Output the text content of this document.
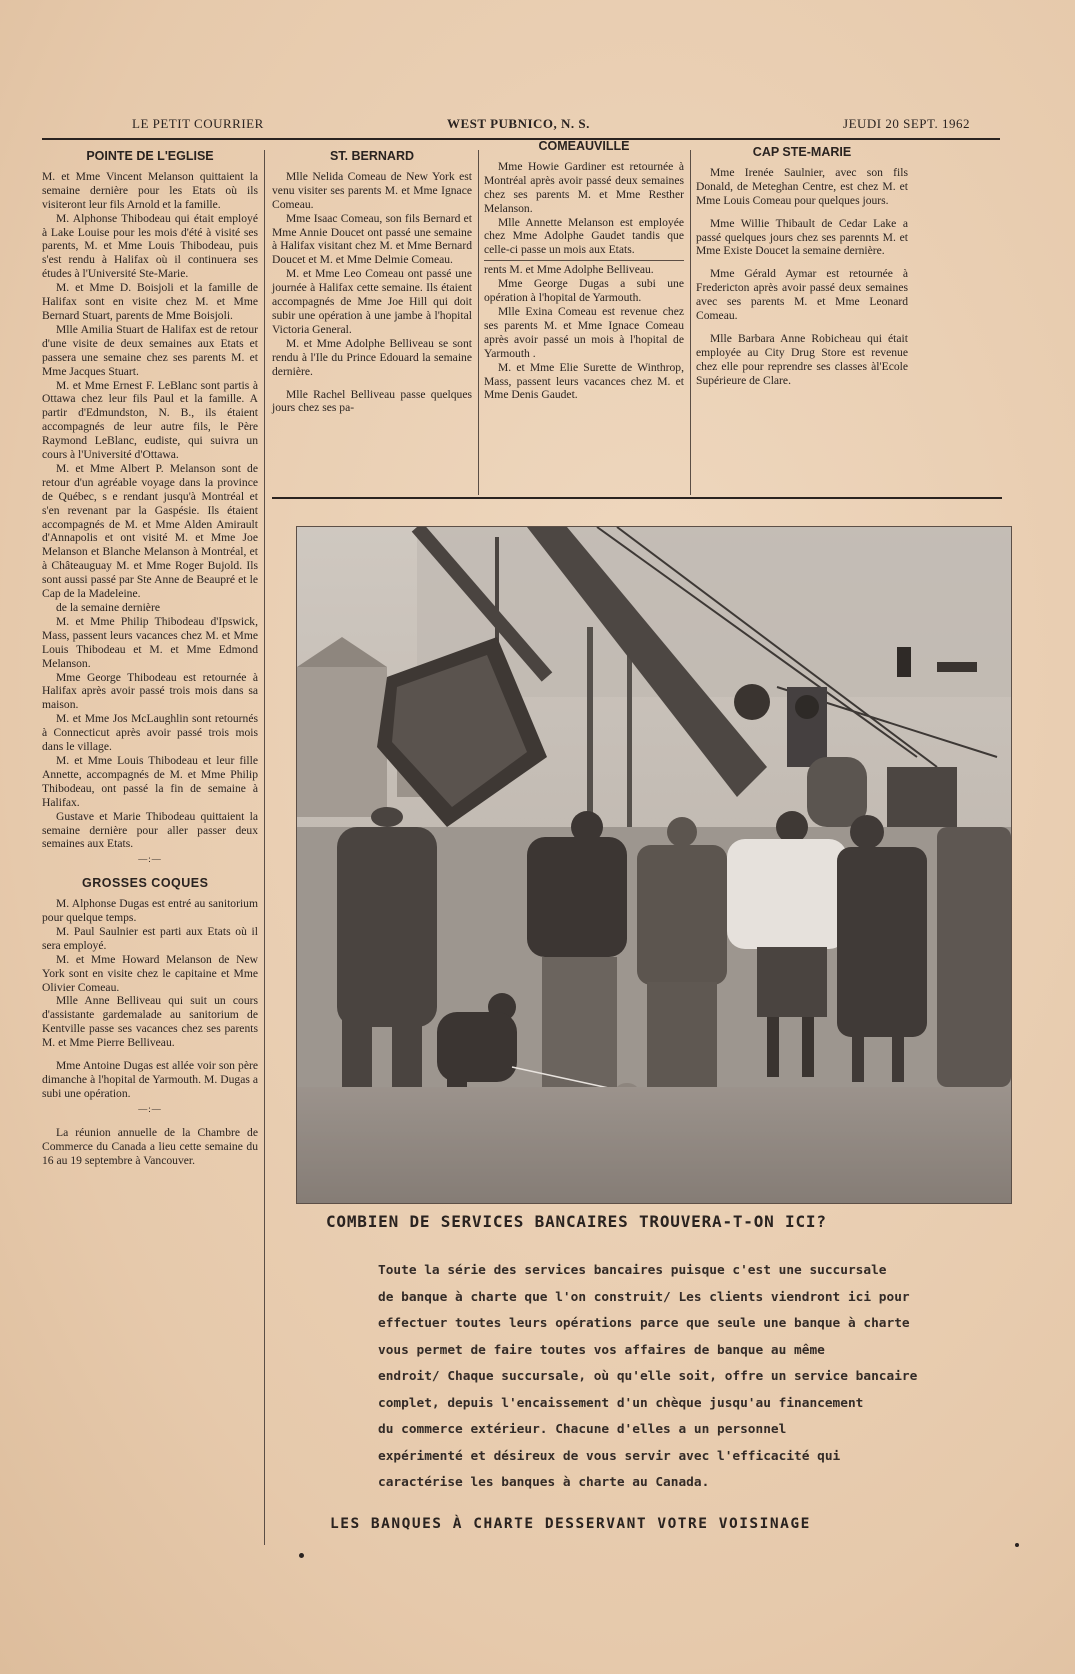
LE PETIT COURRIER	WEST PUBNICO, N. S.	JEUDI 20 SEPT. 1962
POINTE DE L'EGLISE

M. et Mme Vincent Melanson quittaient la semaine dernière pour les Etats où ils visiteront leur fils Arnold et la famille.

M. Alphonse Thibodeau qui était employé à Lake Louise pour les mois d'été à visité ses parents, M. et Mme Louis Thibodeau, puis s'est rendu à Halifax où il continuera ses études à l'Université Ste-Marie.

M. et Mme D. Boisjoli et la famille de Halifax sont en visite chez M. et Mme Bernard Stuart, parents de Mme Boisjoli.

Mlle Amilia Stuart de Halifax est de retour d'une visite de deux semaines aux Etats et passera une semaine chez ses parents M. et Mme Jacques Stuart.

M. et Mme Ernest F. LeBlanc sont partis à Ottawa chez leur fils Paul et la famille. A partir d'Edmundston, N. B., ils étaient accompagnés de leur autre fils, le Père Raymond LeBlanc, eudiste, qui suivra un cours à l'Université d'Ottawa.

M. et Mme Albert P. Melanson sont de retour d'un agréable voyage dans la province de Québec, s e rendant jusqu'à Montréal et s'en revenant par la Gaspésie. Ils étaient accompagnés de M. et Mme Alden Amirault d'Annapolis et ont visité M. et Mme Joe Melanson et Blanche Melanson à Montréal, et à Châteauguay M. et Mme Roger Bujold. Ils sont aussi passé par Ste Anne de Beaupré et le Cap de la Madeleine.

de la semaine dernière

M. et Mme Philip Thibodeau d'Ipswick, Mass, passent leurs vacances chez M. et Mme Louis Thibodeau et M. et Mme Edmond Melanson.

Mme George Thibodeau est retournée à Halifax après avoir passé trois mois dans sa maison.

M. et Mme Jos McLaughlin sont retournés à Connecticut après avoir passé trois mois dans le village.

M. et Mme Louis Thibodeau et leur fille Annette, accompagnés de M. et Mme Philip Thibodeau, ont passé la fin de semaine à Halifax.

Gustave et Marie Thibodeau quittaient la semaine dernière pour aller passer deux semaines aux Etats.

—:—
GROSSES COQUES

M. Alphonse Dugas est entré au sanitorium pour quelque temps.

M. Paul Saulnier est parti aux Etats où il sera employé.

M. et Mme Howard Melanson de New York sont en visite chez le capitaine et Mme Olivier Comeau.

Mlle Anne Belliveau qui suit un cours d'assistante gardemalade au sanitorium de Kentville passe ses vacances chez ses parents M. et Mme Pierre Belliveau.

Mme Antoine Dugas est allée voir son père dimanche à l'hopital de Yarmouth. M. Dugas a subi une opération.

—:—

La réunion annuelle de la Chambre de Commerce du Canada a lieu cette semaine du 16 au 19 septembre à Vancouver.

ST. BERNARD

Mlle Nelida Comeau de New York est venu visiter ses parents M. et Mme Ignace Comeau.

Mme Isaac Comeau, son fils Bernard et Mme Annie Doucet ont passé une semaine à Halifax visitant chez M. et Mme Bernard Doucet et M. et Mme Delmie Comeau.

M. et Mme Leo Comeau ont passé une journée à Halifax cette semaine. Ils étaient accompagnés de Mme Joe Hill qui doit subir une opération à une jambe à l'hopital Victoria General.

M. et Mme Adolphe Belliveau se sont rendu à l'Ile du Prince Edouard la semaine dernière.

Mlle Rachel Belliveau passe quelques jours chez ses pa-

COMEAUVILLE

Mme Howie Gardiner est retournée à Montréal après avoir passé deux semaines chez ses parents M. et Mme Resther Melanson.

Mlle Annette Melanson est employée chez Mme Adolphe Gaudet tandis que celle-ci passe un mois aux Etats.

rents M. et Mme Adolphe Belliveau.

Mme George Dugas a subi une opération à l'hopital de Yarmouth.

Mlle Exina Comeau est revenue chez ses parents M. et Mme Ignace Comeau après avoir passé un mois à l'hopital de Yarmouth .

M. et Mme Elie Surette de Winthrop, Mass, passent leurs vacances chez M. et Mme Denis Gaudet.

CAP STE-MARIE

Mme Irenée Saulnier, avec son fils Donald, de Meteghan Centre, est chez M. et Mme Louis Comeau pour quelques jours.

Mme Willie Thibault de Cedar Lake a passé quelques jours chez ses parennts M. et Mme Existe Doucet la semaine dernière.

Mme Gérald Aymar est retournée à Fredericton après avoir passé deux semaines avec ses parents M. et Mme Leonard Comeau.

Mlle Barbara Anne Robicheau qui était employée au City Drug Store est revenue chez elle pour reprendre ses classes àl'Ecole Supérieure de Clare.

COMBIEN DE SERVICES BANCAIRES TROUVERA-T-ON ICI?
Toute la série des services bancaires puisque c'est une succursale
de banque à charte que l'on construit/ Les clients viendront ici pour
effectuer toutes leurs opérations parce que seule une banque à charte
vous permet de faire toutes vos affaires de banque au même
endroit/ Chaque succursale, où qu'elle soit, offre un service bancaire
complet, depuis l'encaissement d'un chèque jusqu'au financement
du commerce extérieur. Chacune d'elles a un personnel
expérimenté et désireux de vous servir avec l'efficacité qui
caractérise les banques à charte au Canada.
LES BANQUES À CHARTE DESSERVANT VOTRE VOISINAGE
